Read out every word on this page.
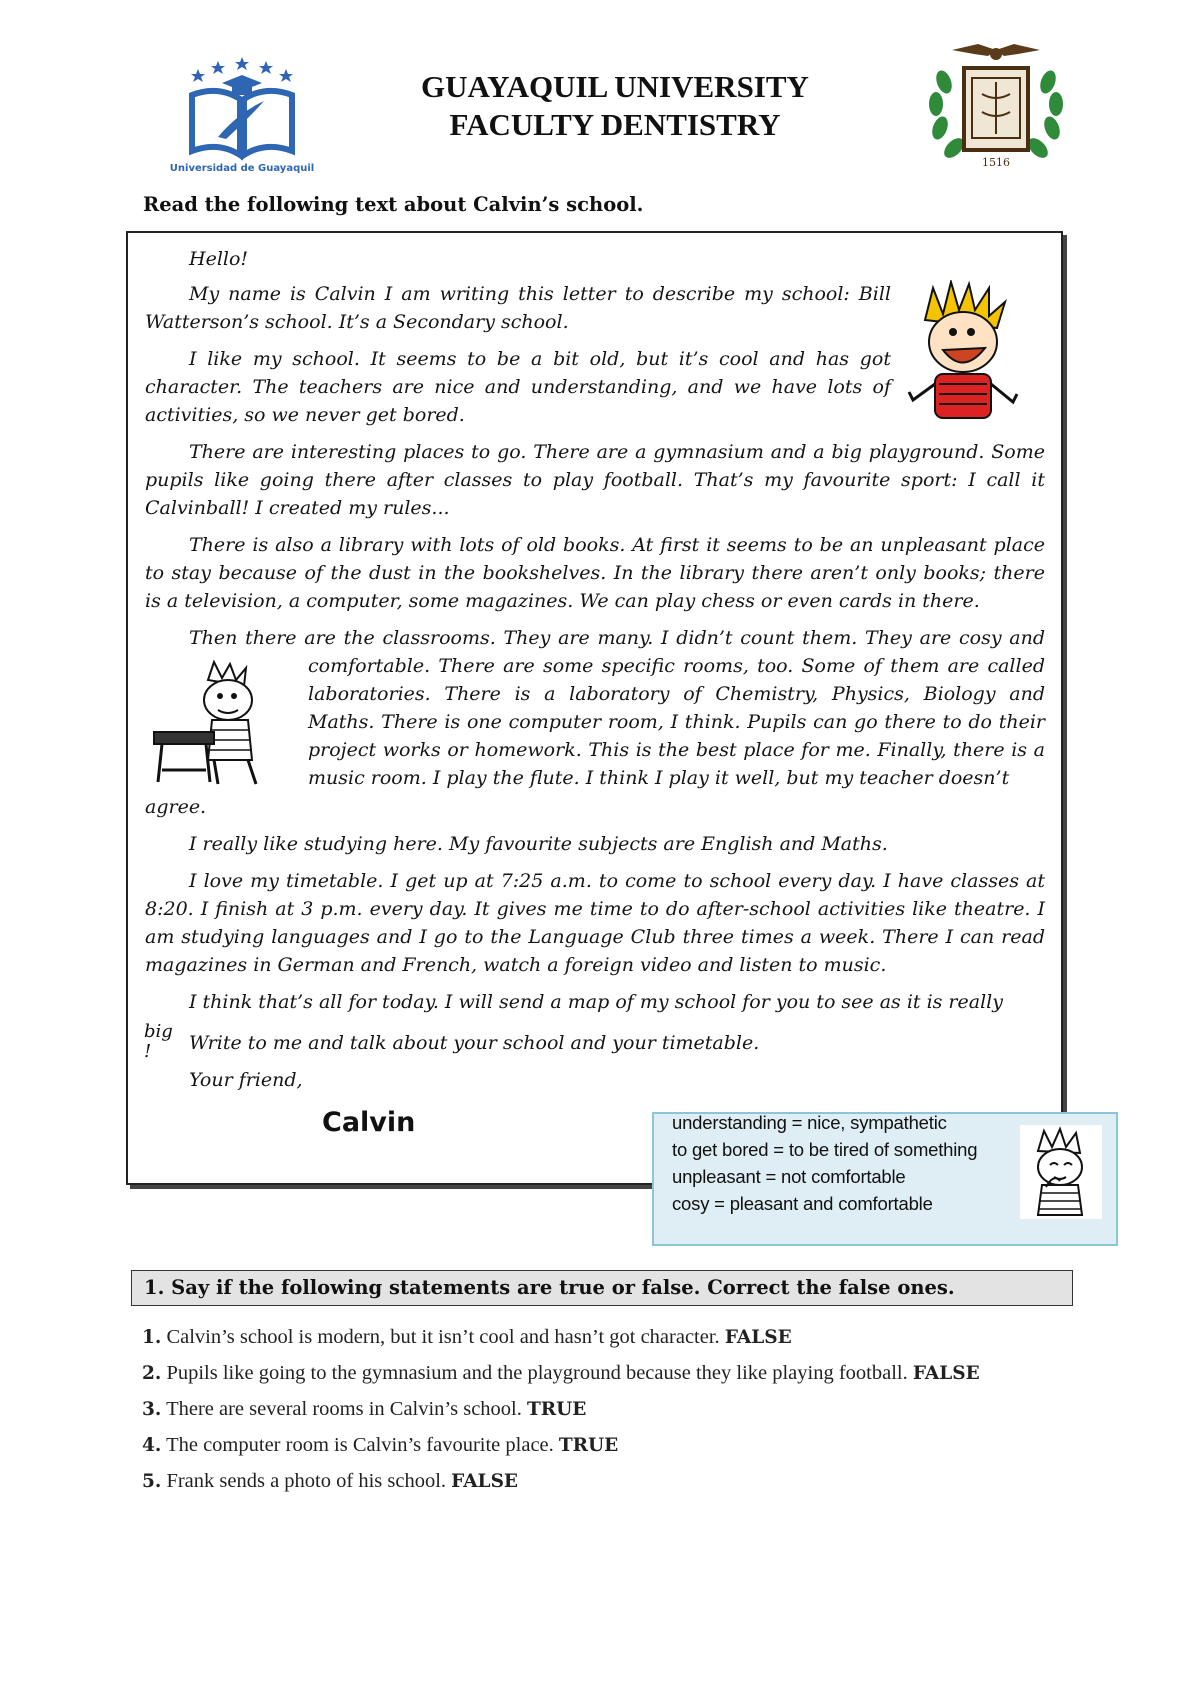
Universidad de Guayaquil
GUAYAQUIL UNIVERSITY
FACULTY DENTISTRY
1516
Read the following text about Calvin’s school.
Hello!
My name is Calvin I am writing this letter to describe my school: Bill
Watterson’s school. It’s a Secondary school.
I like my school. It seems to be a bit old, but it’s cool and has got
character. The teachers are nice and understanding, and we have lots of
activities, so we never get bored.
There are interesting places to go. There are a gymnasium and a big playground. Some
pupils like going there after classes to play football. That’s my favourite sport: I call it
Calvinball! I created my rules...
There is also a library with lots of old books. At first it seems to be an unpleasant place
to stay because of the dust in the bookshelves. In the library there aren’t only books; there
is a television, a computer, some magazines. We can play chess or even cards in there.
Then there are the classrooms. They are many. I didn’t count them. They are cosy and
comfortable. There are some specific rooms, too. Some of them are called
laboratories. There is a laboratory of Chemistry, Physics, Biology and
Maths. There is one computer room, I think. Pupils can go there to do their
project works or homework. This is the best place for me. Finally, there is a
music room. I play the flute. I think I play it well, but my teacher doesn’t
agree.
I really like studying here. My favourite subjects are English and Maths.
I love my timetable. I get up at 7:25 a.m. to come to school every day. I have classes at
8:20. I finish at 3 p.m. every day. It gives me time to do after-school activities like theatre. I
am studying languages and I go to the Language Club three times a week. There I can read
magazines in German and French, watch a foreign video and listen to music.
I think that’s all for today. I will send a map of my school for you to see as it is really
big
! Write to me and talk about your school and your timetable.
Your friend,
Calvin	understanding = nice, sympathetic
to get bored = to be tired of something
unpleasant = not comfortable
cosy = pleasant and comfortable
1. Say if the following statements are true or false. Correct the false ones.
1. Calvin’s school is modern, but it isn’t cool and hasn’t got character. FALSE
2. Pupils like going to the gymnasium and the playground because they like playing football. FALSE
3. There are several rooms in Calvin’s school. TRUE
4. The computer room is Calvin’s favourite place. TRUE
5. Frank sends a photo of his school. FALSE
